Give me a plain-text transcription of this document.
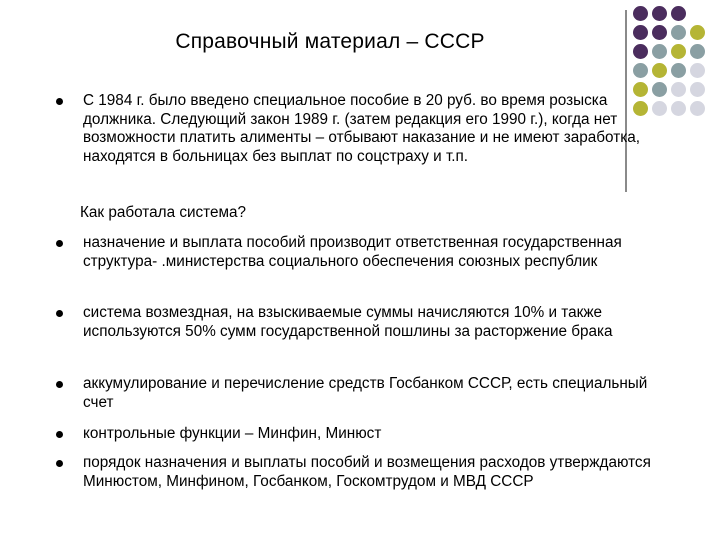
Справочный материал – СССР
С 1984 г. было введено специальное пособие в 20 руб. во время розыска должника. Следующий закон 1989 г. (затем редакция его 1990 г.), когда нет возможности платить алименты – отбывают наказание и не имеют заработка, находятся в больницах без выплат по соцстраху и т.п.
Как работала система?
назначение и выплата пособий производит ответственная государственная структура- .министерства социального обеспечения союзных республик
система возмездная, на взыскиваемые суммы начисляются 10% и также используются 50% сумм государственной пошлины за расторжение брака
аккумулирование и перечисление средств Госбанком СССР, есть специальный счет
контрольные функции – Минфин, Минюст
порядок назначения и выплаты пособий и возмещения расходов утверждаются Минюстом, Минфином, Госбанком, Госкомтрудом и МВД СССР
